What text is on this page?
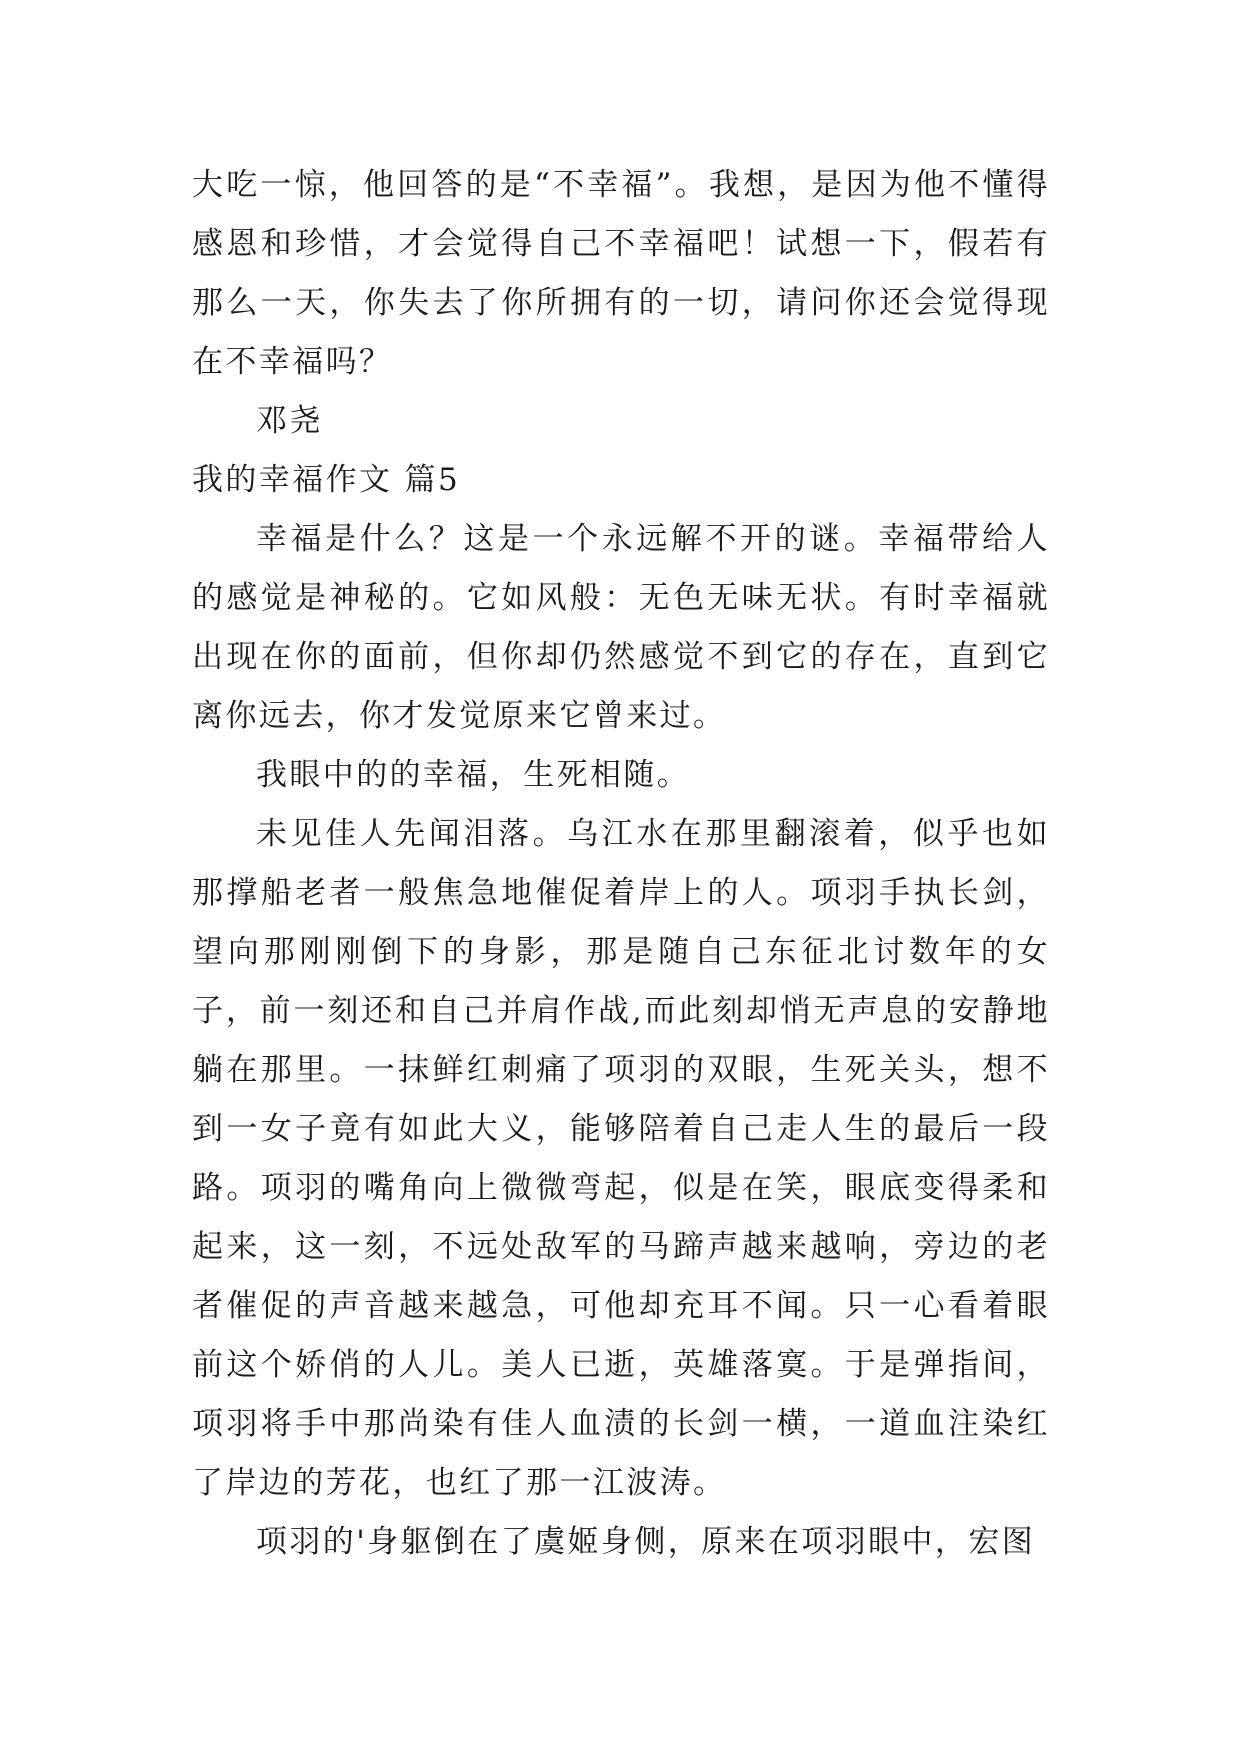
大吃一惊，他回答的是“不幸福”。我想，是因为他不懂得感恩和珍惜，才会觉得自己不幸福吧！试想一下，假若有那么一天，你失去了你所拥有的一切，请问你还会觉得现在不幸福吗？

邓尧

我的幸福作文 篇5

幸福是什么？这是一个永远解不开的谜。幸福带给人的感觉是神秘的。它如风般：无色无味无状。有时幸福就出现在你的面前，但你却仍然感觉不到它的存在，直到它离你远去，你才发觉原来它曾来过。

我眼中的的幸福，生死相随。

未见佳人先闻泪落。乌江水在那里翻滚着，似乎也如那撑船老者一般焦急地催促着岸上的人。项羽手执长剑，望向那刚刚倒下的身影，那是随自己东征北讨数年的女子，前一刻还和自己并肩作战,而此刻却悄无声息的安静地躺在那里。一抹鲜红刺痛了项羽的双眼，生死关头，想不到一女子竟有如此大义，能够陪着自己走人生的最后一段路。项羽的嘴角向上微微弯起，似是在笑，眼底变得柔和起来，这一刻，不远处敌军的马蹄声越来越响，旁边的老者催促的声音越来越急，可他却充耳不闻。只一心看着眼前这个娇俏的人儿。美人已逝，英雄落寞。于是弹指间，项羽将手中那尚染有佳人血渍的长剑一横，一道血注染红了岸边的芳花，也红了那一江波涛。

项羽的'身躯倒在了虞姬身侧，原来在项羽眼中，宏图
